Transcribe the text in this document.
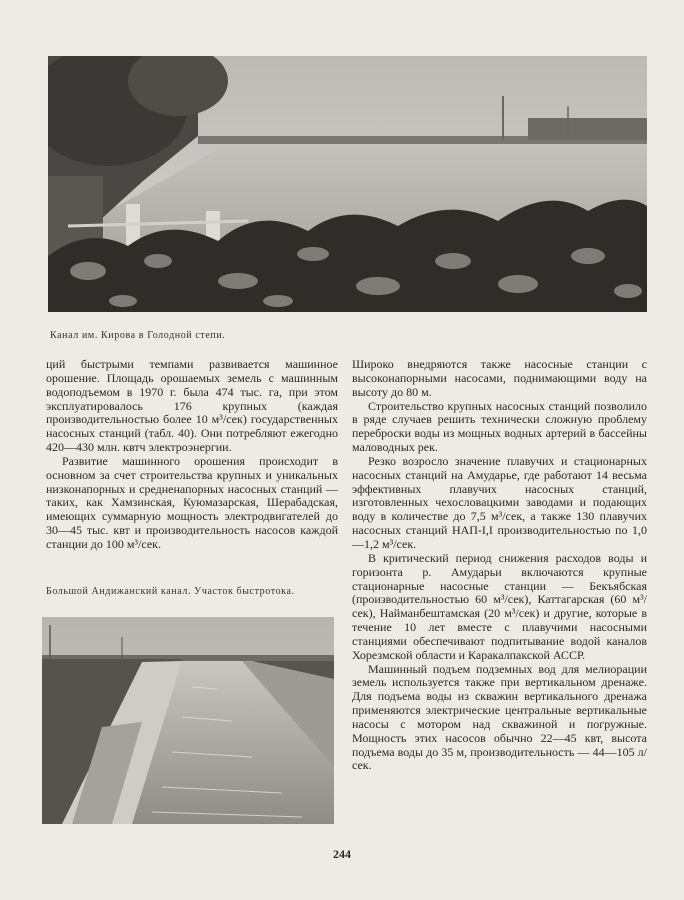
Канал им. Кирова в Голодной степи.

ций быстрыми темпами развивается машинное орошение. Площадь орошаемых земель с машинным водоподъемом в 1970 г. была 474 тыс. га, при этом эксплуатировалось 176 крупных (каждая производительностью более 10 м³/сек) государственных насосных станций (табл. 40). Они потребляют ежегодно 420—430 млн. квтч электроэнергии.

Развитие машинного орошения происходит в основном за счет строительства крупных и уникальных низконапорных и средненапорных насосных станций — таких, как Хамзинская, Куюмазарская, Шерабадская, имеющих суммарную мощность электродвигателей до 30—45 тыс. квт и производительность насосов каждой станции до 100 м³/сек.

Большой Андижанский канал. Участок быстротока.

Широко внедряются также насосные станции с высоконапорными насосами, поднимающими воду на высоту до 80 м.

Строительство крупных насосных станций позволило в ряде случаев решить технически сложную проблему переброски воды из мощных водных артерий в бассейны маловодных рек.

Резко возросло значение плавучих и стационарных насосных станций на Амударье, где работают 14 весьма эффективных плавучих насосных станций, изготовленных чехословацкими заводами и подающих воду в количестве до 7,5 м³/сек, а также 130 плавучих насосных станций НАП-I,I производительностью по 1,0 —1,2 м³/сек.

В критический период снижения расходов воды и горизонта р. Амударьи включаются крупные стационарные насосные станции — Бекъябская (производительностью 60 м³/сек), Каттагарская (60 м³/сек), Найманбештамская (20 м³/сек) и другие, которые в течение 10 лет вместе с плавучими насосными станциями обеспечивают подпитывание водой каналов Хорезмской области и Каракалпакской АССР.

Машинный подъем подземных вод для мелиорации земель используется также при вертикальном дренаже. Для подъема воды из скважин вертикального дренажа применяются электрические центральные вертикальные насосы с мотором над скважиной и погружные. Мощность этих насосов обычно 22—45 квт, высота подъема воды до 35 м, производительность — 44—105 л/сек.

244
